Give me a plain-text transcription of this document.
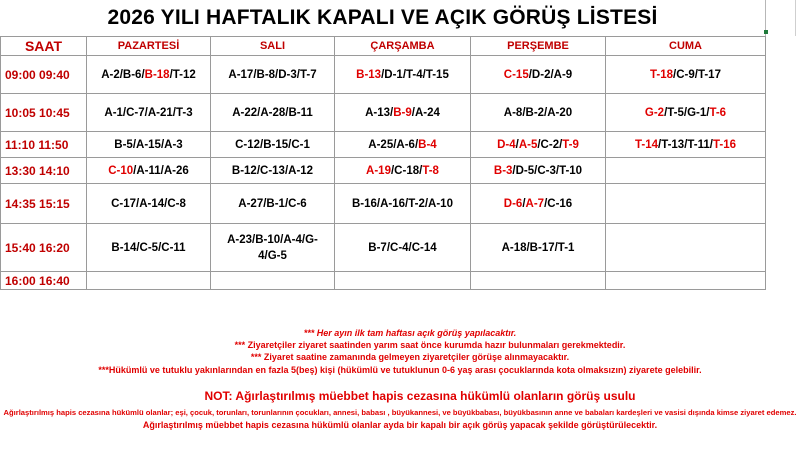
2026 YILI HAFTALIK KAPALI VE AÇIK GÖRÜŞ LİSTESİ
SAAT	PAZARTESİ	SALI	ÇARŞAMBA	PERŞEMBE	CUMA
09:00 09:40	A-2/B-6/B-18/T-12	A-17/B-8/D-3/T-7	B-13/D-1/T-4/T-15	C-15/D-2/A-9	T-18/C-9/T-17
10:05 10:45	A-1/C-7/A-21/T-3	A-22/A-28/B-11	A-13/B-9/A-24	A-8/B-2/A-20	G-2/T-5/G-1/T-6
11:10 11:50	B-5/A-15/A-3	C-12/B-15/C-1	A-25/A-6/B-4	D-4/A-5/C-2/T-9	T-14/T-13/T-11/T-16
13:30 14:10	C-10/A-11/A-26	B-12/C-13/A-12	A-19/C-18/T-8	B-3/D-5/C-3/T-10	
14:35 15:15	C-17/A-14/C-8	A-27/B-1/C-6	B-16/A-16/T-2/A-10	D-6/A-7/C-16	
15:40 16:20	B-14/C-5/C-11	A-23/B-10/A-4/G-4/G-5	B-7/C-4/C-14	A-18/B-17/T-1	
16:00 16:40					
*** Her ayın ilk tam haftası açık görüş yapılacaktır.
*** Ziyaretçiler ziyaret saatinden yarım saat önce kurumda hazır bulunmaları gerekmektedir.
*** Ziyaret saatine zamanında gelmeyen ziyaretçiler görüşe alınmayacaktır.
***Hükümlü ve tutuklu yakınlarından en fazla 5(beş) kişi (hükümlü ve tutuklunun 0-6 yaş arası çocuklarında kota olmaksızın) ziyarete gelebilir.
NOT: Ağırlaştırılmış müebbet hapis cezasına hükümlü olanların görüş usulu
Ağırlaştırılmış hapis cezasına hükümlü olanlar; eşi, çocuk, torunları, torunlarının çocukları, annesi, babası , büyükannesi, ve büyükbabası, büyükbasının anne ve babaları kardeşleri ve vasisi dışında kimse ziyaret edemez.
Ağırlaştırılmış müebbet hapis cezasına hükümlü olanlar ayda bir kapalı bir açık görüş yapacak şekilde görüştürülecektir.
